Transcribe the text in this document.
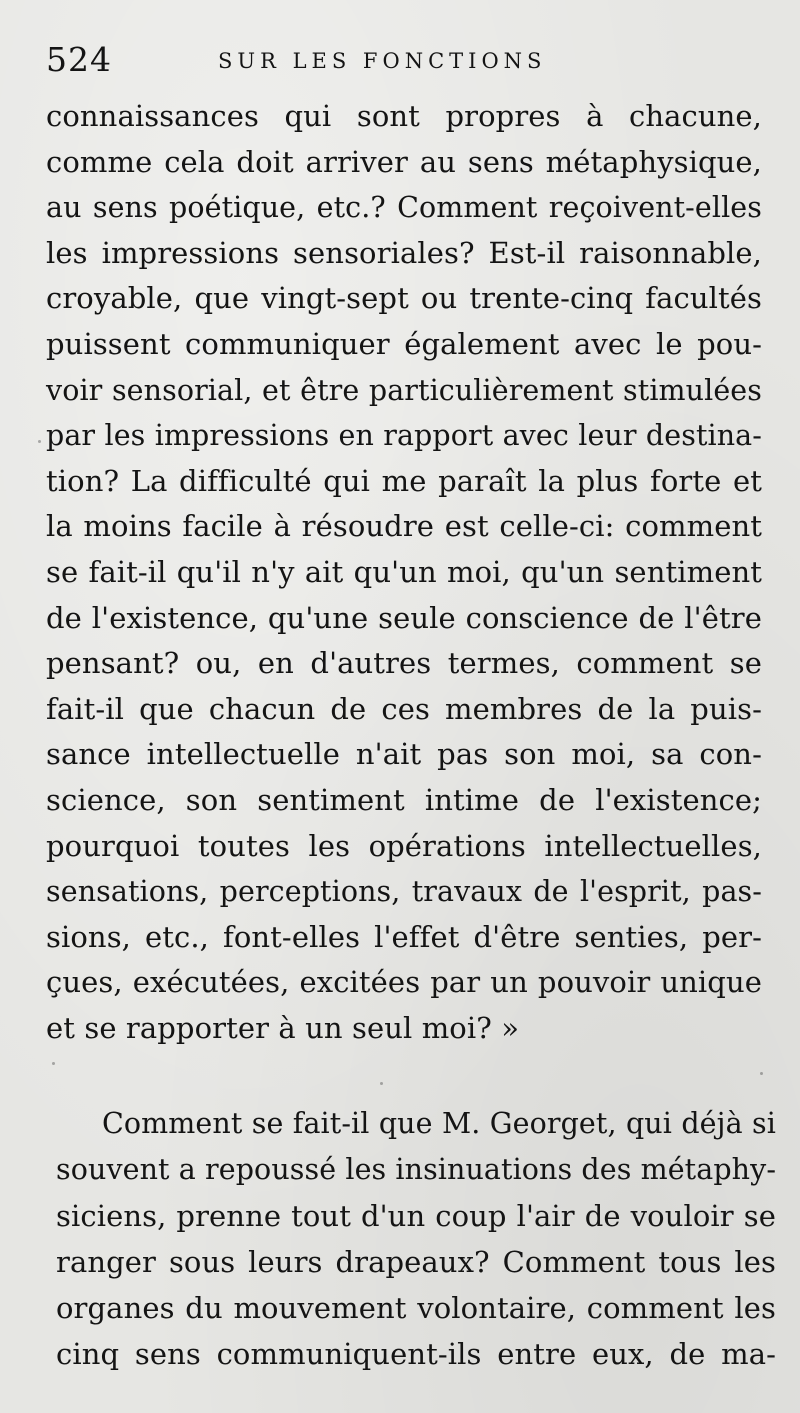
524	SUR LES FONCTIONS
connaissances qui sont propres à chacune,
comme cela doit arriver au sens métaphysique,
au sens poétique, etc.? Comment reçoivent-elles
les impressions sensoriales? Est-il raisonnable,
croyable, que vingt-sept ou trente-cinq facultés
puissent communiquer également avec le pou-
voir sensorial, et être particulièrement stimulées
par les impressions en rapport avec leur destina-
tion? La difficulté qui me paraît la plus forte et
la moins facile à résoudre est celle-ci: comment
se fait-il qu'il n'y ait qu'un moi, qu'un sentiment
de l'existence, qu'une seule conscience de l'être
pensant? ou, en d'autres termes, comment se
fait-il que chacun de ces membres de la puis-
sance intellectuelle n'ait pas son moi, sa con-
science, son sentiment intime de l'existence;
pourquoi toutes les opérations intellectuelles,
sensations, perceptions, travaux de l'esprit, pas-
sions, etc., font-elles l'effet d'être senties, per-
çues, exécutées, excitées par un pouvoir unique
et se rapporter à un seul moi? »
Comment se fait-il que M. Georget, qui déjà si
souvent a repoussé les insinuations des métaphy-
siciens, prenne tout d'un coup l'air de vouloir se
ranger sous leurs drapeaux? Comment tous les
organes du mouvement volontaire, comment les
cinq sens communiquent-ils entre eux, de ma-
